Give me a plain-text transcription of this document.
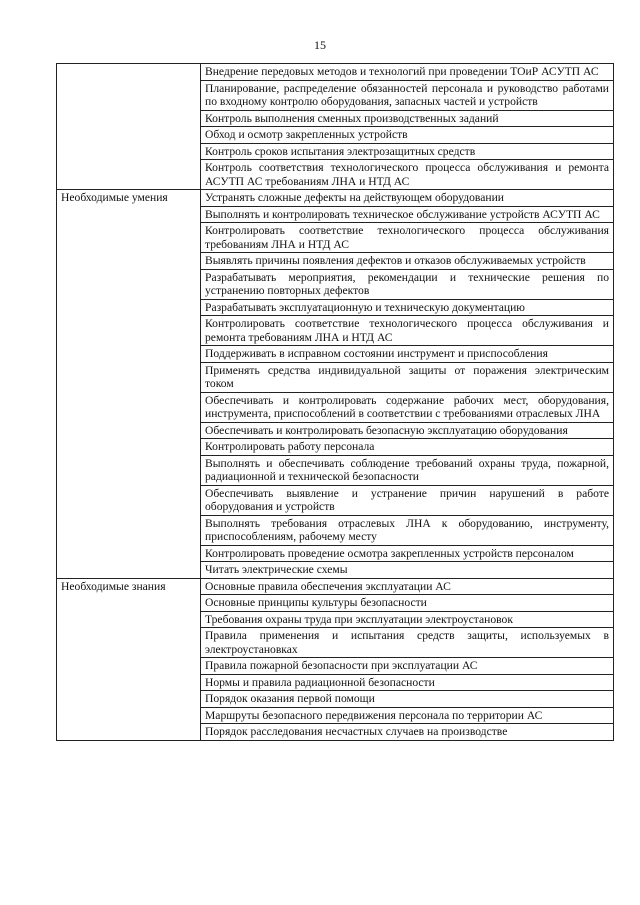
15
	Внедрение передовых методов и технологий при проведении ТОиР АСУТП АС
	Планирование, распределение обязанностей персонала и руководство работами по входному контролю оборудования, запасных частей и устройств
	Контроль выполнения сменных производственных заданий
	Обход и осмотр закрепленных устройств
	Контроль сроков испытания электрозащитных средств
	Контроль соответствия технологического процесса обслуживания и ремонта АСУТП АС требованиям ЛНА и НТД АС
Необходимые умения	Устранять сложные дефекты на действующем оборудовании
	Выполнять и контролировать техническое обслуживание устройств АСУТП АС
	Контролировать соответствие технологического процесса обслуживания требованиям ЛНА и НТД АС
	Выявлять причины появления дефектов и отказов обслуживаемых устройств
	Разрабатывать мероприятия, рекомендации и технические решения по устранению повторных дефектов
	Разрабатывать эксплуатационную и техническую документацию
	Контролировать соответствие технологического процесса обслуживания и ремонта требованиям ЛНА и НТД АС
	Поддерживать в исправном состоянии инструмент и приспособления
	Применять средства индивидуальной защиты от поражения электрическим током
	Обеспечивать и контролировать содержание рабочих мест, оборудования, инструмента, приспособлений в соответствии с требованиями отраслевых ЛНА
	Обеспечивать и контролировать безопасную эксплуатацию оборудования
	Контролировать работу персонала
	Выполнять и обеспечивать соблюдение требований охраны труда, пожарной, радиационной и технической безопасности
	Обеспечивать выявление и устранение причин нарушений в работе оборудования и устройств
	Выполнять требования отраслевых ЛНА к оборудованию, инструменту, приспособлениям, рабочему месту
	Контролировать проведение осмотра закрепленных устройств персоналом
	Читать электрические схемы
Необходимые знания	Основные правила обеспечения эксплуатации АС
	Основные принципы культуры безопасности
	Требования охраны труда при эксплуатации электроустановок
	Правила применения и испытания средств защиты, используемых в электроустановках
	Правила пожарной безопасности при эксплуатации АС
	Нормы и правила радиационной безопасности
	Порядок оказания первой помощи
	Маршруты безопасного передвижения персонала по территории АС
	Порядок расследования несчастных случаев на производстве
